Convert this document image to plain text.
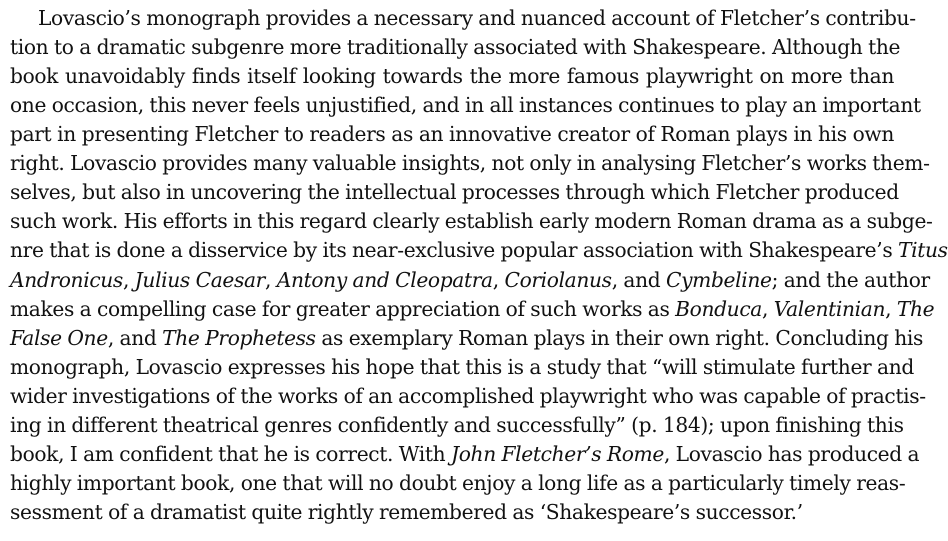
Lovascio’s monograph provides a necessary and nuanced account of Fletcher’s contribu-
tion to a dramatic subgenre more traditionally associated with Shakespeare. Although the
book unavoidably finds itself looking towards the more famous playwright on more than
one occasion, this never feels unjustified, and in all instances continues to play an important
part in presenting Fletcher to readers as an innovative creator of Roman plays in his own
right. Lovascio provides many valuable insights, not only in analysing Fletcher’s works them-
selves, but also in uncovering the intellectual processes through which Fletcher produced
such work. His efforts in this regard clearly establish early modern Roman drama as a subge-
nre that is done a disservice by its near-exclusive popular association with Shakespeare’s Titus
Andronicus, Julius Caesar, Antony and Cleopatra, Coriolanus, and Cymbeline; and the author
makes a compelling case for greater appreciation of such works as Bonduca, Valentinian, The
False One, and The Prophetess as exemplary Roman plays in their own right. Concluding his
monograph, Lovascio expresses his hope that this is a study that “will stimulate further and
wider investigations of the works of an accomplished playwright who was capable of practis-
ing in different theatrical genres confidently and successfully” (p. 184); upon finishing this
book, I am confident that he is correct. With John Fletcher’s Rome, Lovascio has produced a
highly important book, one that will no doubt enjoy a long life as a particularly timely reas-
sessment of a dramatist quite rightly remembered as ‘Shakespeare’s successor.’
